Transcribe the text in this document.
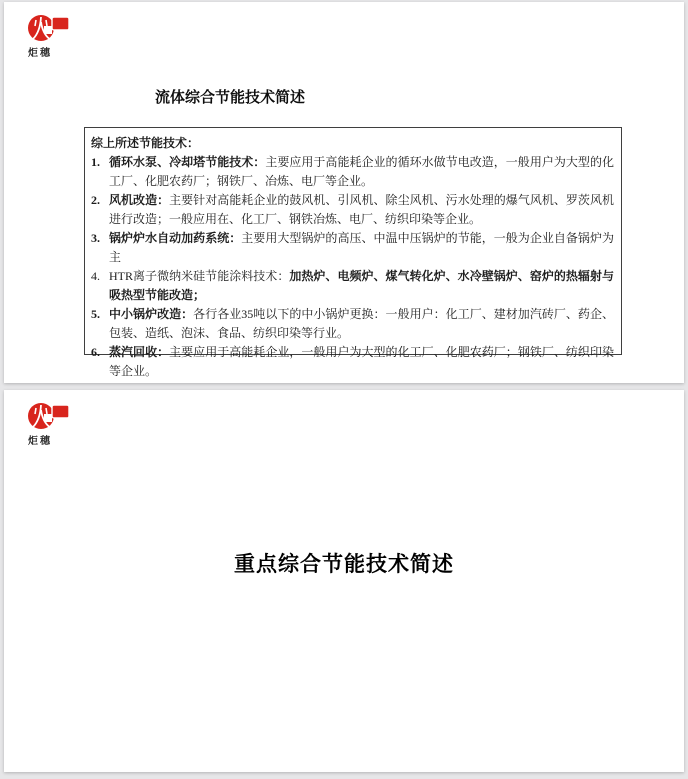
炬穗
流体综合节能技术简述
综上所述节能技术：
1. 循环水泵、冷却塔节能技术：主要应用于高能耗企业的循环水做节电改造，一般用户为大型的化工厂、化肥农药厂；钢铁厂、冶炼、电厂等企业。
2. 风机改造：主要针对高能耗企业的鼓风机、引风机、除尘风机、污水处理的爆气风机、罗茨风机进行改造；一般应用在、化工厂、钢铁冶炼、电厂、纺织印染等企业。
3. 锅炉炉水自动加药系统：主要用大型锅炉的高压、中温中压锅炉的节能，一般为企业自备锅炉为主
4. HTR离子微纳米硅节能涂料技术：加热炉、电频炉、煤气转化炉、水冷壁锅炉、窑炉的热辐射与吸热型节能改造；
5. 中小锅炉改造：各行各业35吨以下的中小锅炉更换：一般用户：化工厂、建材加汽砖厂、药企、包装、造纸、泡沫、食品、纺织印染等行业。
6. 蒸汽回收：主要应用于高能耗企业，一般用户为大型的化工厂、化肥农药厂；钢铁厂、纺织印染等企业。
炬穗
重点综合节能技术简述
